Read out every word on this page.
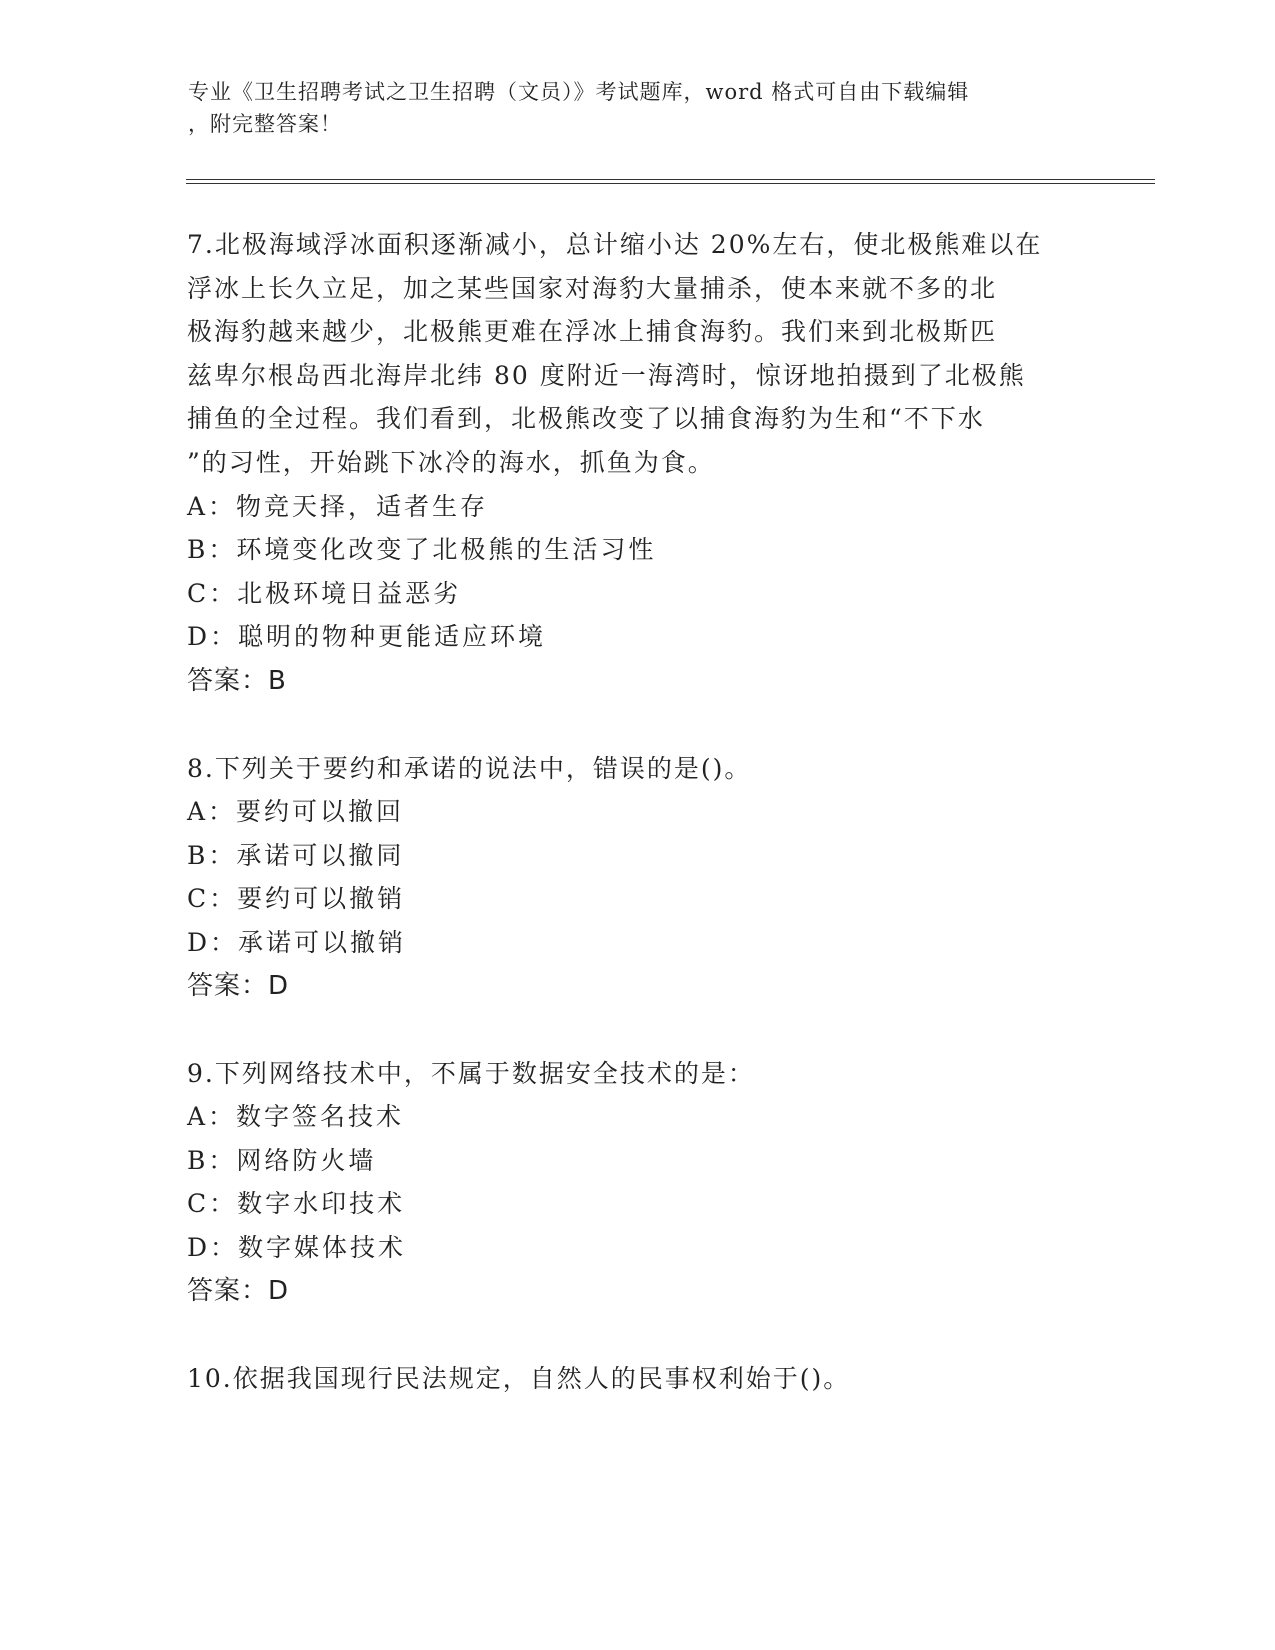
专业《卫生招聘考试之卫生招聘（文员）》考试题库，word 格式可自由下载编辑
，附完整答案！
7.北极海域浮冰面积逐渐减小，总计缩小达 20%左右，使北极熊难以在
浮冰上长久立足，加之某些国家对海豹大量捕杀，使本来就不多的北
极海豹越来越少，北极熊更难在浮冰上捕食海豹。我们来到北极斯匹
兹卑尔根岛西北海岸北纬 80 度附近一海湾时，惊讶地拍摄到了北极熊
捕鱼的全过程。我们看到，北极熊改变了以捕食海豹为生和“不下水
”的习性，开始跳下冰冷的海水，抓鱼为食。
A：物竞天择，适者生存
B：环境变化改变了北极熊的生活习性
C：北极环境日益恶劣
D：聪明的物种更能适应环境
答案：B
8.下列关于要约和承诺的说法中，错误的是()。
A：要约可以撤回
B：承诺可以撤同
C：要约可以撤销
D：承诺可以撤销
答案：D
9.下列网络技术中，不属于数据安全技术的是：
A：数字签名技术
B：网络防火墙
C：数字水印技术
D：数字媒体技术
答案：D
10.依据我国现行民法规定，自然人的民事权利始于()。
